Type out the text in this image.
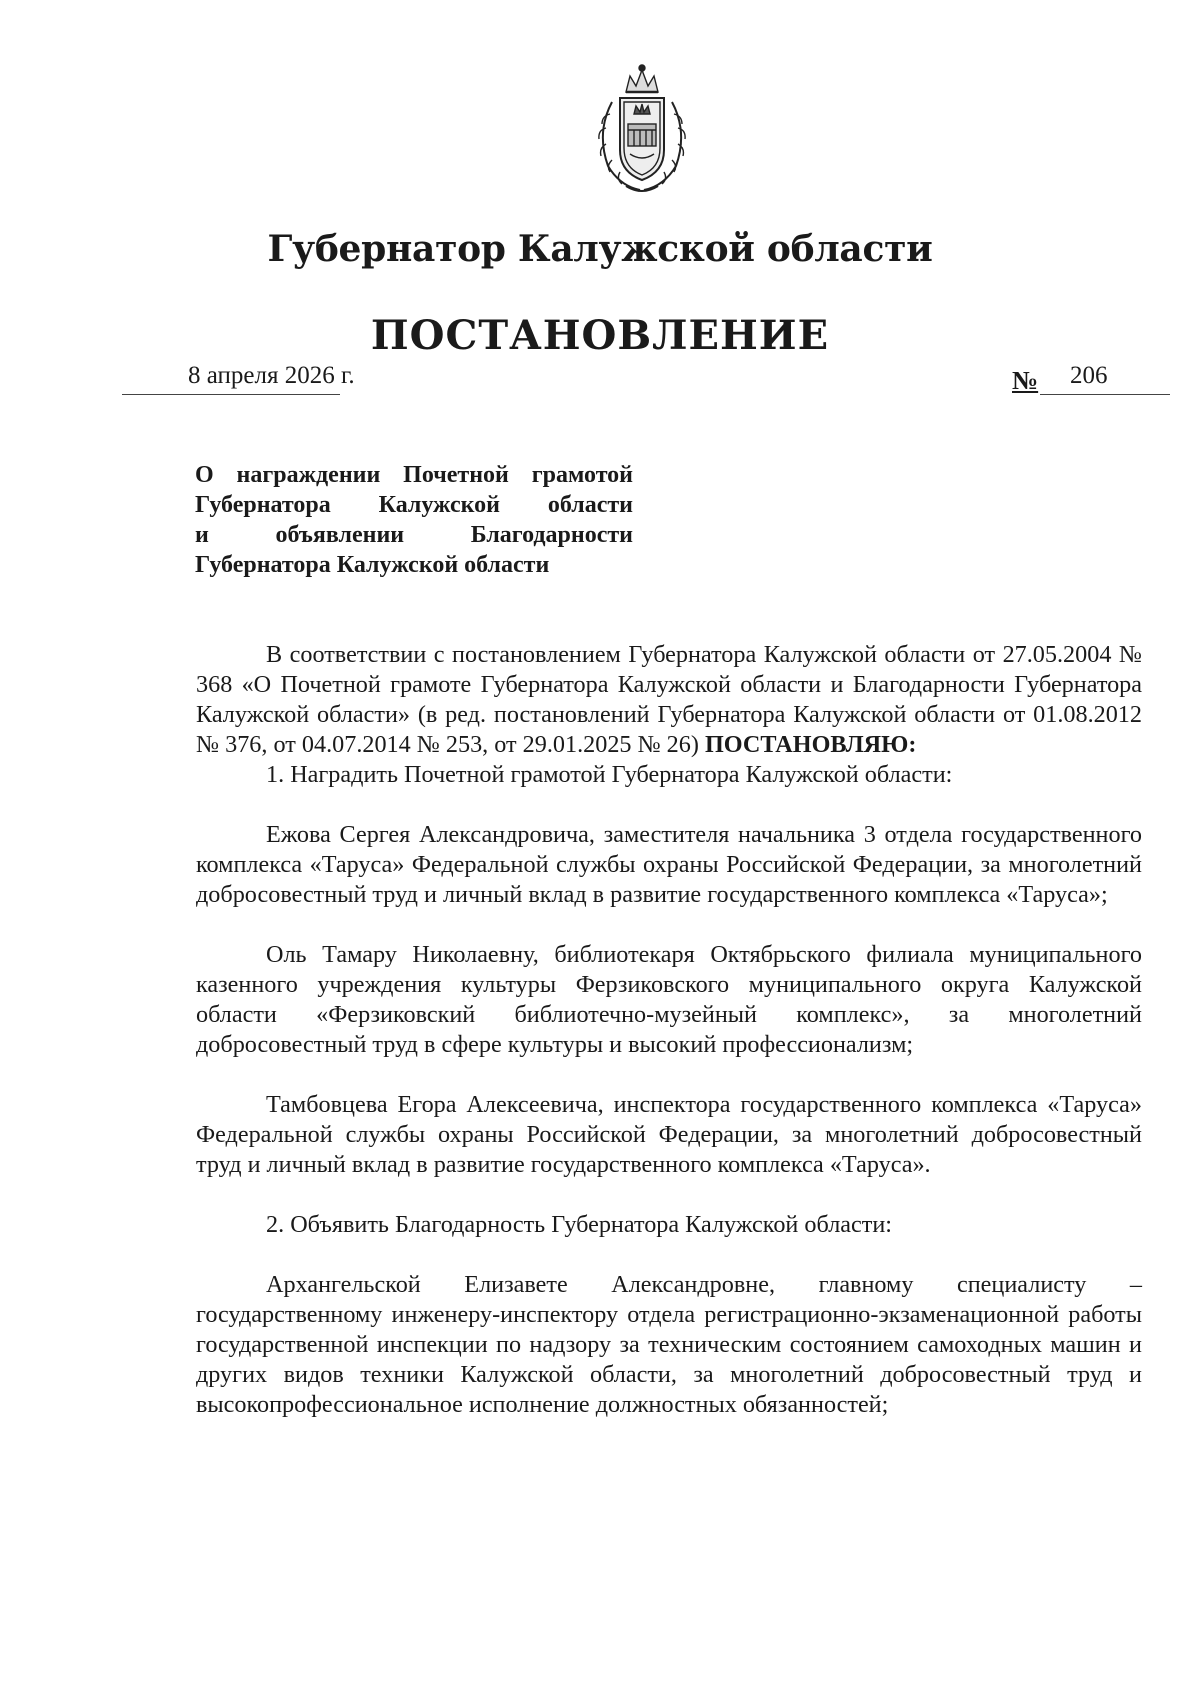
Губернатор Калужской области
ПОСТАНОВЛЕНИЕ
8 апреля 2026 г.	№ 206
О награждении Почетной грамотой
Губернатора Калужской области
и объявлении Благодарности
Губернатора Калужской области

В соответствии с постановлением Губернатора Калужской области от 27.05.2004 № 368 «О Почетной грамоте Губернатора Калужской области и Благодарности Губернатора Калужской области» (в ред. постановлений Губернатора Калужской области от 01.08.2012 № 376, от 04.07.2014 № 253, от 29.01.2025 № 26) ПОСТАНОВЛЯЮ:

1. Наградить Почетной грамотой Губернатора Калужской области:

Ежова Сергея Александровича, заместителя начальника 3 отдела государственного комплекса «Таруса» Федеральной службы охраны Российской Федерации, за многолетний добросовестный труд и личный вклад в развитие государственного комплекса «Таруса»;

Оль Тамару Николаевну, библиотекаря Октябрьского филиала муниципального казенного учреждения культуры Ферзиковского муниципального округа Калужской области «Ферзиковский библиотечно-музейный комплекс», за многолетний добросовестный труд в сфере культуры и высокий профессионализм;

Тамбовцева Егора Алексеевича, инспектора государственного комплекса «Таруса» Федеральной службы охраны Российской Федерации, за многолетний добросовестный труд и личный вклад в развитие государственного комплекса «Таруса».

2. Объявить Благодарность Губернатора Калужской области:

Архангельской Елизавете Александровне, главному специалисту – государственному инженеру-инспектору отдела регистрационно-экзаменационной работы государственной инспекции по надзору за техническим состоянием самоходных машин и других видов техники Калужской области, за многолетний добросовестный труд и высокопрофессиональное исполнение должностных обязанностей;
